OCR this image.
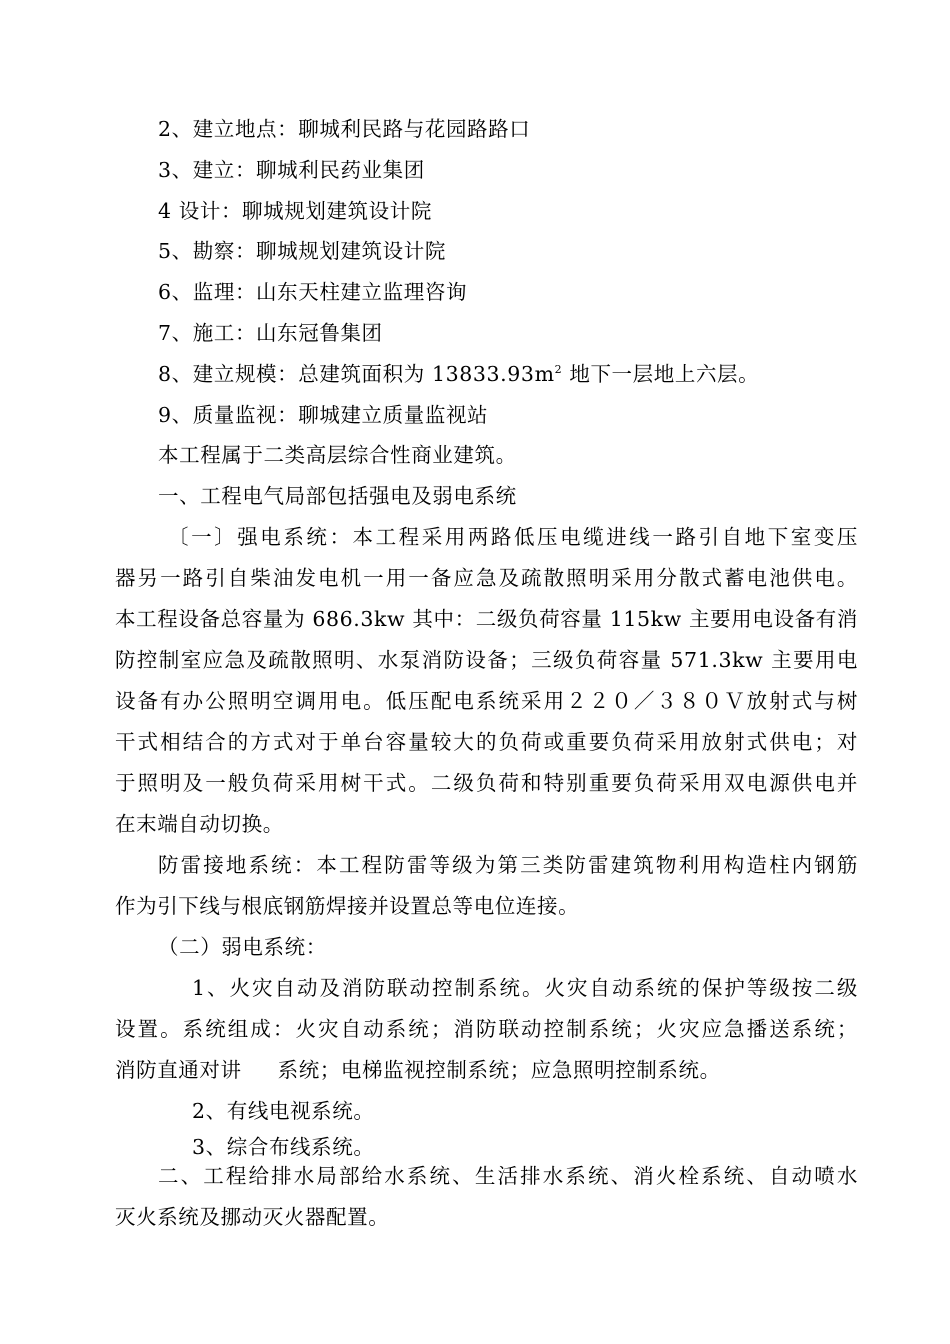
2、建立地点：聊城利民路与花园路路口
3、建立：聊城利民药业集团
4 设计：聊城规划建筑设计院
5、勘察：聊城规划建筑设计院
6、监理：山东天柱建立监理咨询
7、施工：山东冠鲁集团
8、建立规模：总建筑面积为 $13833.93m^2$ 地下一层地上六层。
9、质量监视：聊城建立质量监视站
本工程属于二类高层综合性商业建筑。
一、工程电气局部包括强电及弱电系统
〔一〕强电系统：本工程采用两路低压电缆进线一路引自地下室变压
器另一路引自柴油发电机一用一备应急及疏散照明采用分散式蓄电池供电。
本工程设备总容量为 686.3kw 其中：二级负荷容量 115kw 主要用电设备有消
防控制室应急及疏散照明、水泵消防设备；三级负荷容量 571.3kw 主要用电
设备有办公照明空调用电。低压配电系统采用２２０／３８０Ｖ放射式与树
干式相结合的方式对于单台容量较大的负荷或重要负荷采用放射式供电；对
于照明及一般负荷采用树干式。二级负荷和特别重要负荷采用双电源供电并
在末端自动切换。
防雷接地系统：本工程防雷等级为第三类防雷建筑物利用构造柱内钢筋
作为引下线与根底钢筋焊接并设置总等电位连接。
（二）弱电系统：
1、火灾自动及消防联动控制系统。火灾自动系统的保护等级按二级
设置。系统组成：火灾自动系统；消防联动控制系统；火灾应急播送系统；
消防直通对讲 系统；电梯监视控制系统；应急照明控制系统。
2、有线电视系统。
3、综合布线系统。
二、工程给排水局部给水系统、生活排水系统、消火栓系统、自动喷水
灭火系统及挪动灭火器配置。
